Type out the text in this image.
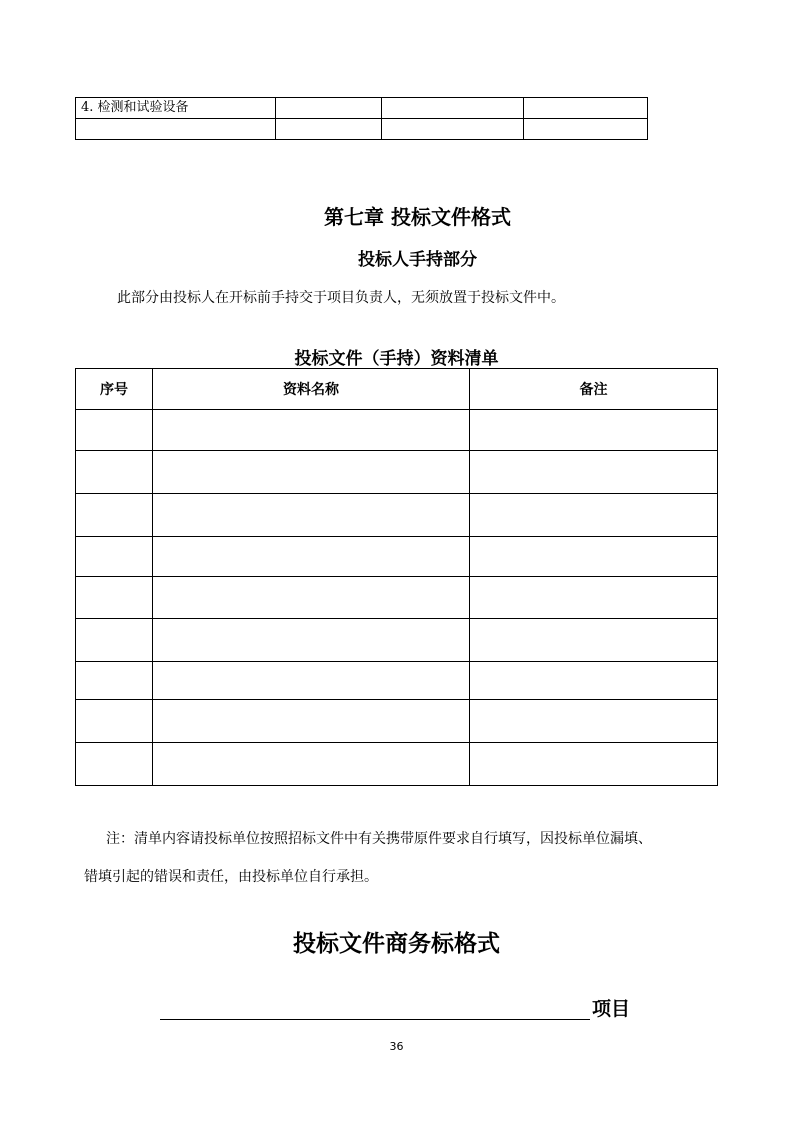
4. 检测和试验设备			

第七章 投标文件格式
投标人手持部分
此部分由投标人在开标前手持交于项目负责人，无须放置于投标文件中。
投标文件（手持）资料清单
序号	资料名称	备注

注：清单内容请投标单位按照招标文件中有关携带原件要求自行填写，因投标单位漏填、
错填引起的错误和责任，由投标单位自行承担。
投标文件商务标格式
项目
36
